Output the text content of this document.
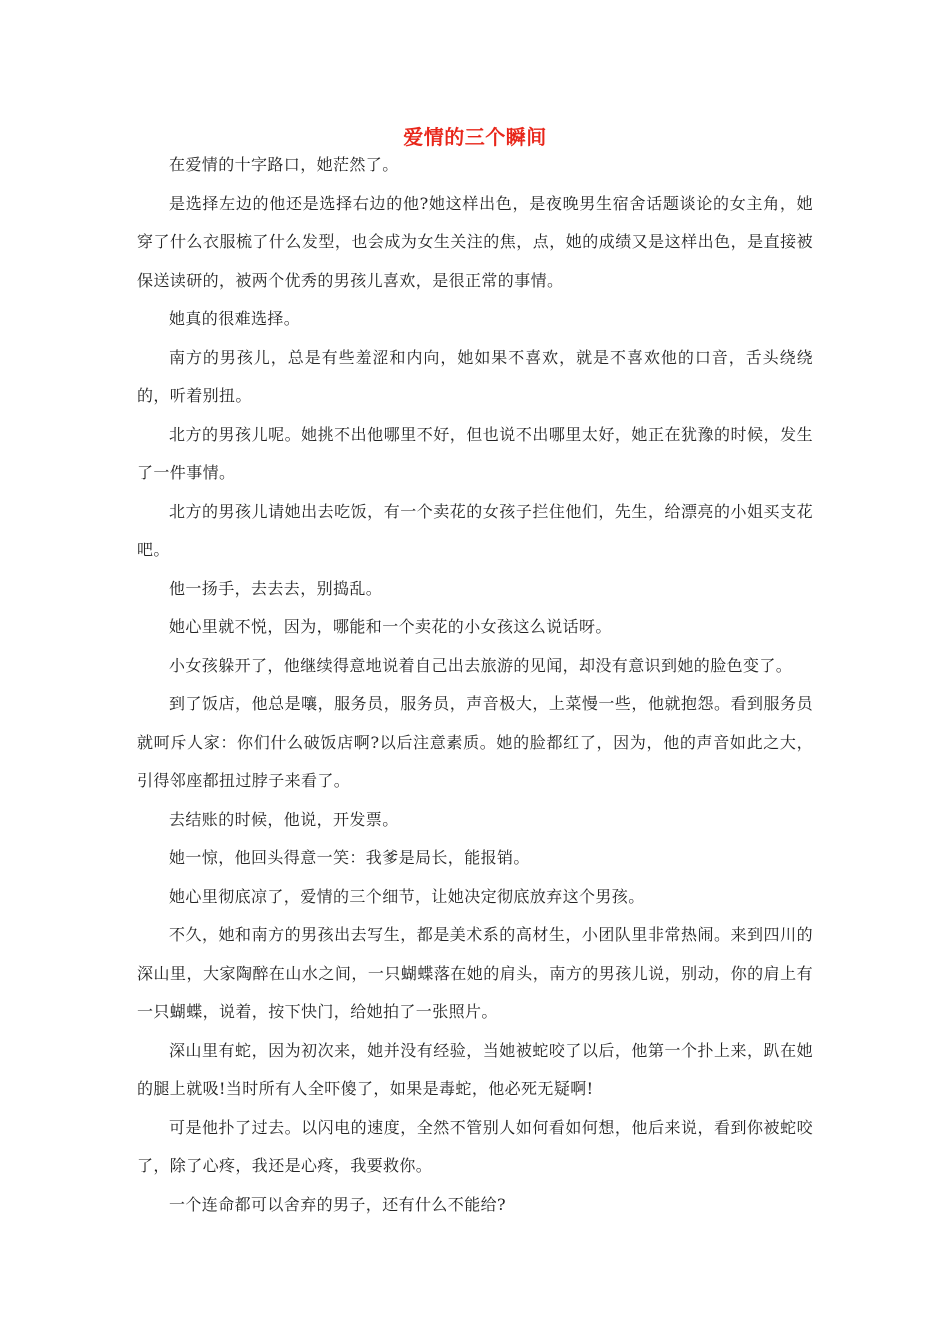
爱情的三个瞬间

在爱情的十字路口，她茫然了。

是选择左边的他还是选择右边的他?她这样出色，是夜晚男生宿舍话题谈论的女主角，她穿了什么衣服梳了什么发型，也会成为女生关注的焦，点，她的成绩又是这样出色，是直接被保送读研的，被两个优秀的男孩儿喜欢，是很正常的事情。

她真的很难选择。

南方的男孩儿，总是有些羞涩和内向，她如果不喜欢，就是不喜欢他的口音，舌头绕绕的，听着别扭。

北方的男孩儿呢。她挑不出他哪里不好，但也说不出哪里太好，她正在犹豫的时候，发生了一件事情。

北方的男孩儿请她出去吃饭，有一个卖花的女孩子拦住他们，先生，给漂亮的小姐买支花吧。

他一扬手，去去去，别捣乱。

她心里就不悦，因为，哪能和一个卖花的小女孩这么说话呀。

小女孩躲开了，他继续得意地说着自己出去旅游的见闻，却没有意识到她的脸色变了。

到了饭店，他总是嚷，服务员，服务员，声音极大，上菜慢一些，他就抱怨。看到服务员就呵斥人家：你们什么破饭店啊?以后注意素质。她的脸都红了，因为，他的声音如此之大，引得邻座都扭过脖子来看了。

去结账的时候，他说，开发票。

她一惊，他回头得意一笑：我爹是局长，能报销。

她心里彻底凉了，爱情的三个细节，让她决定彻底放弃这个男孩。

不久，她和南方的男孩出去写生，都是美术系的高材生，小团队里非常热闹。来到四川的深山里，大家陶醉在山水之间，一只蝴蝶落在她的肩头，南方的男孩儿说，别动，你的肩上有一只蝴蝶，说着，按下快门，给她拍了一张照片。

深山里有蛇，因为初次来，她并没有经验，当她被蛇咬了以后，他第一个扑上来，趴在她的腿上就吸!当时所有人全吓傻了，如果是毒蛇，他必死无疑啊!

可是他扑了过去。以闪电的速度，全然不管别人如何看如何想，他后来说，看到你被蛇咬了，除了心疼，我还是心疼，我要救你。

一个连命都可以舍弃的男子，还有什么不能给?
